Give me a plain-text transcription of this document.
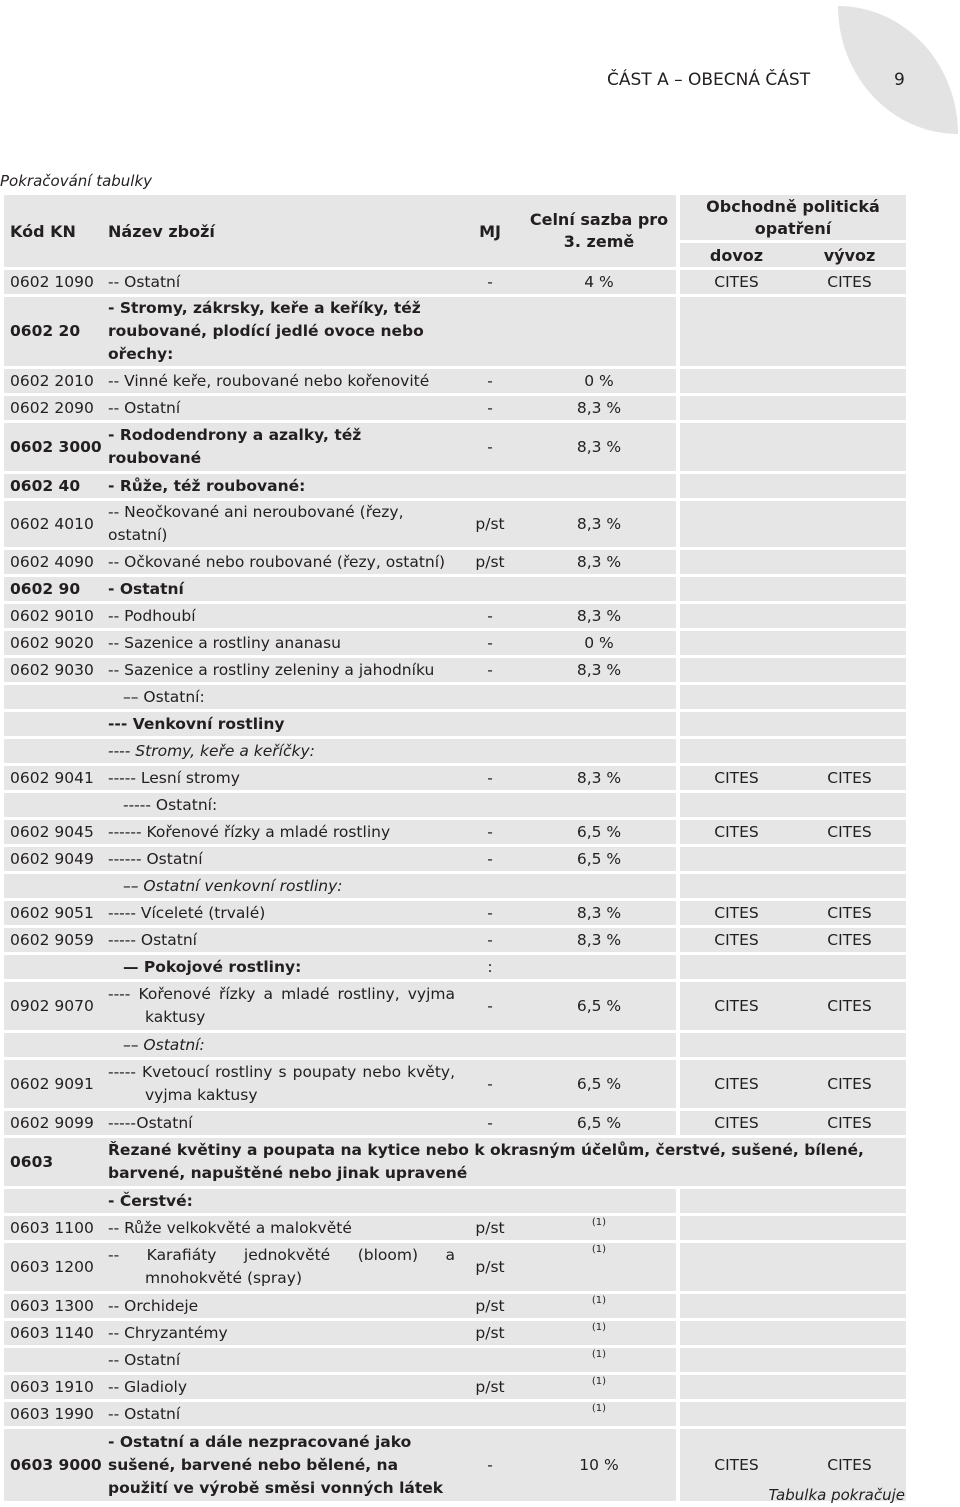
ČÁST A – OBECNÁ ČÁST	9
Pokračování tabulky
Kód KN	Název zboží	MJ	Celní sazba pro 3. země		Obchodně politická opatření	
					dovoz	vývoz
0602 1090	-- Ostatní	-	4 %		CITES	CITES
0602 20	- Stromy, zákrsky, keře a keříky, též roubované, plodící jedlé ovoce nebo ořechy:					
0602 2010	-- Vinné keře, roubované nebo kořenovité	-	0 %			
0602 2090	-- Ostatní	-	8,3 %			
0602 3000	- Rododendrony a azalky, též roubované	-	8,3 %			
0602 40	- Růže, též roubované:					
0602 4010	-- Neočkované ani neroubované (řezy, ostatní)	p/st	8,3 %			
0602 4090	-- Očkované nebo roubované (řezy, ostatní)	p/st	8,3 %			
0602 90	- Ostatní					
0602 9010	-- Podhoubí	-	8,3 %			
0602 9020	-- Sazenice a rostliny ananasu	-	0 %			
0602 9030	-- Sazenice a rostliny zeleniny a jahodníku	-	8,3 %			
	–– Ostatní:					
	--- Venkovní rostliny					
	---- Stromy, keře a keříčky:					
0602 9041	----- Lesní stromy	-	8,3 %		CITES	CITES
	----- Ostatní:					
0602 9045	------ Kořenové řízky a mladé rostliny	-	6,5 %		CITES	CITES
0602 9049	------ Ostatní	-	6,5 %			
	–– Ostatní venkovní rostliny:					
0602 9051	----- Víceleté (trvalé)	-	8,3 %		CITES	CITES
0602 9059	----- Ostatní	-	8,3 %		CITES	CITES
	— Pokojové rostliny:	:				
0902 9070	---- Kořenové řízky a mladé rostliny, vyjma kaktusy	-	6,5 %		CITES	CITES
	–– Ostatní:					
0602 9091	----- Kvetoucí rostliny s poupaty nebo květy, vyjma kaktusy	-	6,5 %		CITES	CITES
0602 9099	-----Ostatní	-	6,5 %		CITES	CITES
0603	Řezané květiny a poupata na kytice nebo k okrasným účelům, čerstvé, sušené, bílené, barvené, napuštěné nebo jinak upravené					
	- Čerstvé:					
0603 1100	-- Růže velkokvěté a malokvěté	p/st	(1)			
0603 1200	-- Karafiáty jednokvěté (bloom) a mnohokvěté (spray)	p/st	(1)			
0603 1300	-- Orchideje	p/st	(1)			
0603 1140	-- Chryzantémy	p/st	(1)			
	-- Ostatní		(1)			
0603 1910	-- Gladioly	p/st	(1)			
0603 1990	-- Ostatní		(1)			
0603 9000	- Ostatní a dále nezpracované jako sušené, barvené nebo bělené, na použití ve výrobě směsi vonných látek	-	10 %		CITES	CITES
Tabulka pokračuje
